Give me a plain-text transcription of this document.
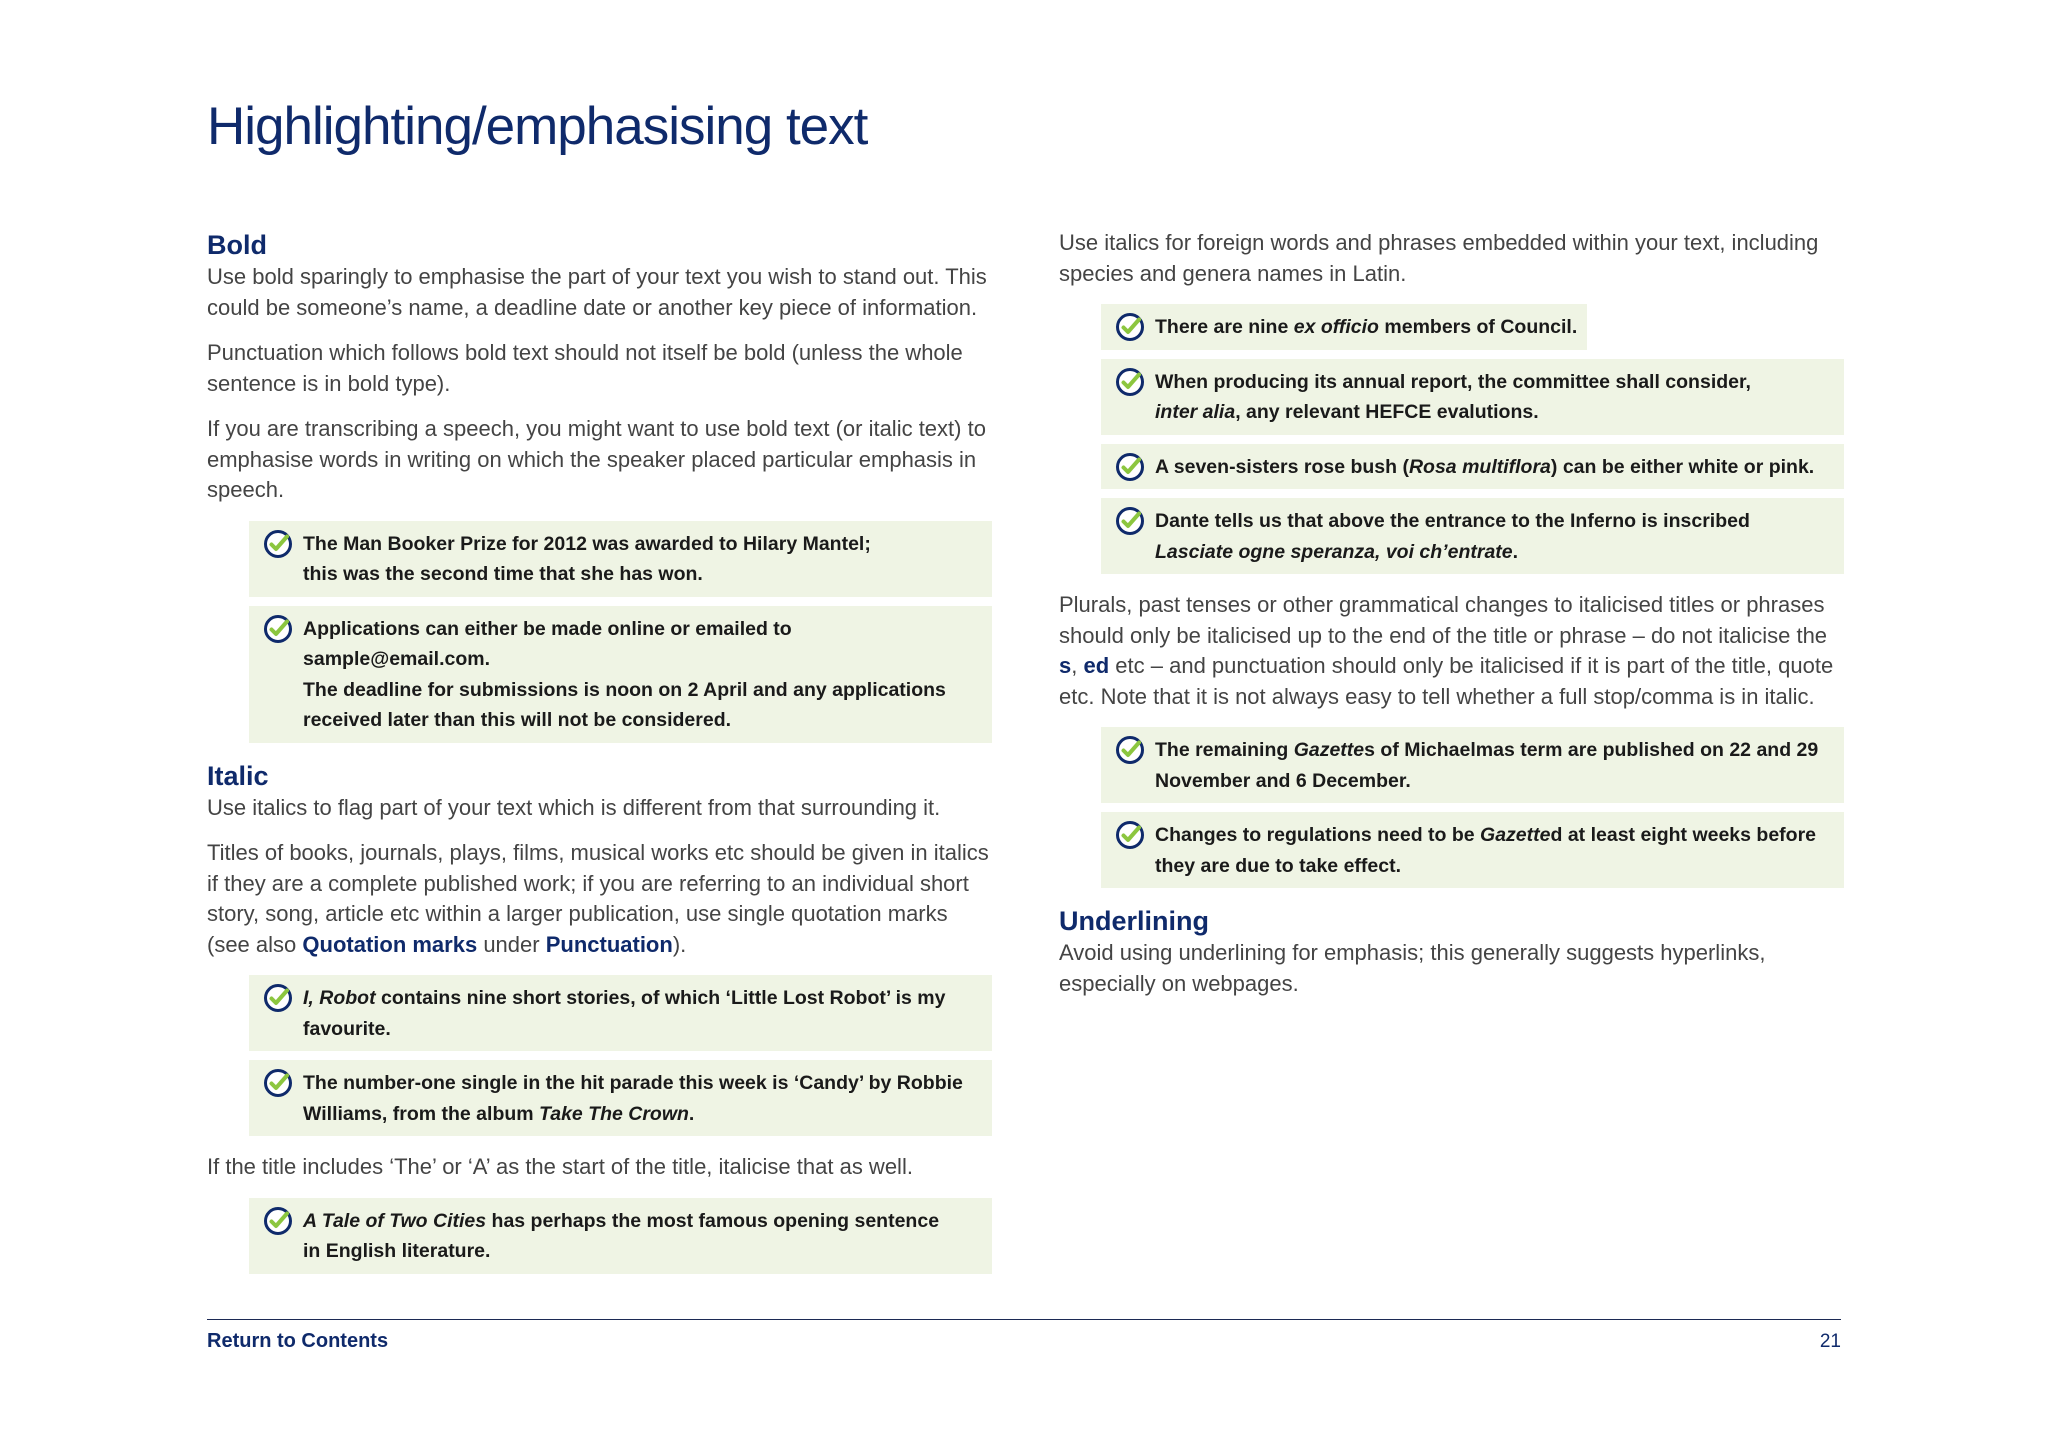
Highlighting/emphasising text
Bold

Use bold sparingly to emphasise the part of your text you wish to stand out. This could be someone’s name, a deadline date or another key piece of information.

Punctuation which follows bold text should not itself be bold (unless the whole sentence is in bold type).

If you are transcribing a speech, you might want to use bold text (or italic text) to emphasise words in writing on which the speaker placed particular emphasis in speech.

The Man Booker Prize for 2012 was awarded to Hilary Mantel;
this was the second time that she has won.
Applications can either be made online or emailed to sample@email.com.
The deadline for submissions is noon on 2 April and any applications received later than this will not be considered.
Italic

Use italics to flag part of your text which is different from that surrounding it.

Titles of books, journals, plays, films, musical works etc should be given in italics if they are a complete published work; if you are referring to an individual short story, song, article etc within a larger publication, use single quotation marks (see also Quotation marks under Punctuation).

I, Robot contains nine short stories, of which ‘Little Lost Robot’ is my favourite.
The number-one single in the hit parade this week is ‘Candy’ by Robbie Williams, from the album Take The Crown.

If the title includes ‘The’ or ‘A’ as the start of the title, italicise that as well.

A Tale of Two Cities has perhaps the most famous opening sentence
in English literature.

Use italics for foreign words and phrases embedded within your text, including species and genera names in Latin.

There are nine ex officio members of Council.
When producing its annual report, the committee shall consider,
inter alia, any relevant HEFCE evalutions.
A seven-sisters rose bush (Rosa multiflora) can be either white or pink.
Dante tells us that above the entrance to the Inferno is inscribed
Lasciate ogne speranza, voi ch’entrate.

Plurals, past tenses or other grammatical changes to italicised titles or phrases should only be italicised up to the end of the title or phrase – do not italicise the s, ed etc – and punctuation should only be italicised if it is part of the title, quote etc. Note that it is not always easy to tell whether a full stop/comma is in italic.

The remaining Gazettes of Michaelmas term are published on 22 and 29 November and 6 December.
Changes to regulations need to be Gazetted at least eight weeks before they are due to take effect.
Underlining

Avoid using underlining for emphasis; this generally suggests hyperlinks, especially on webpages.

Return to Contents	21
